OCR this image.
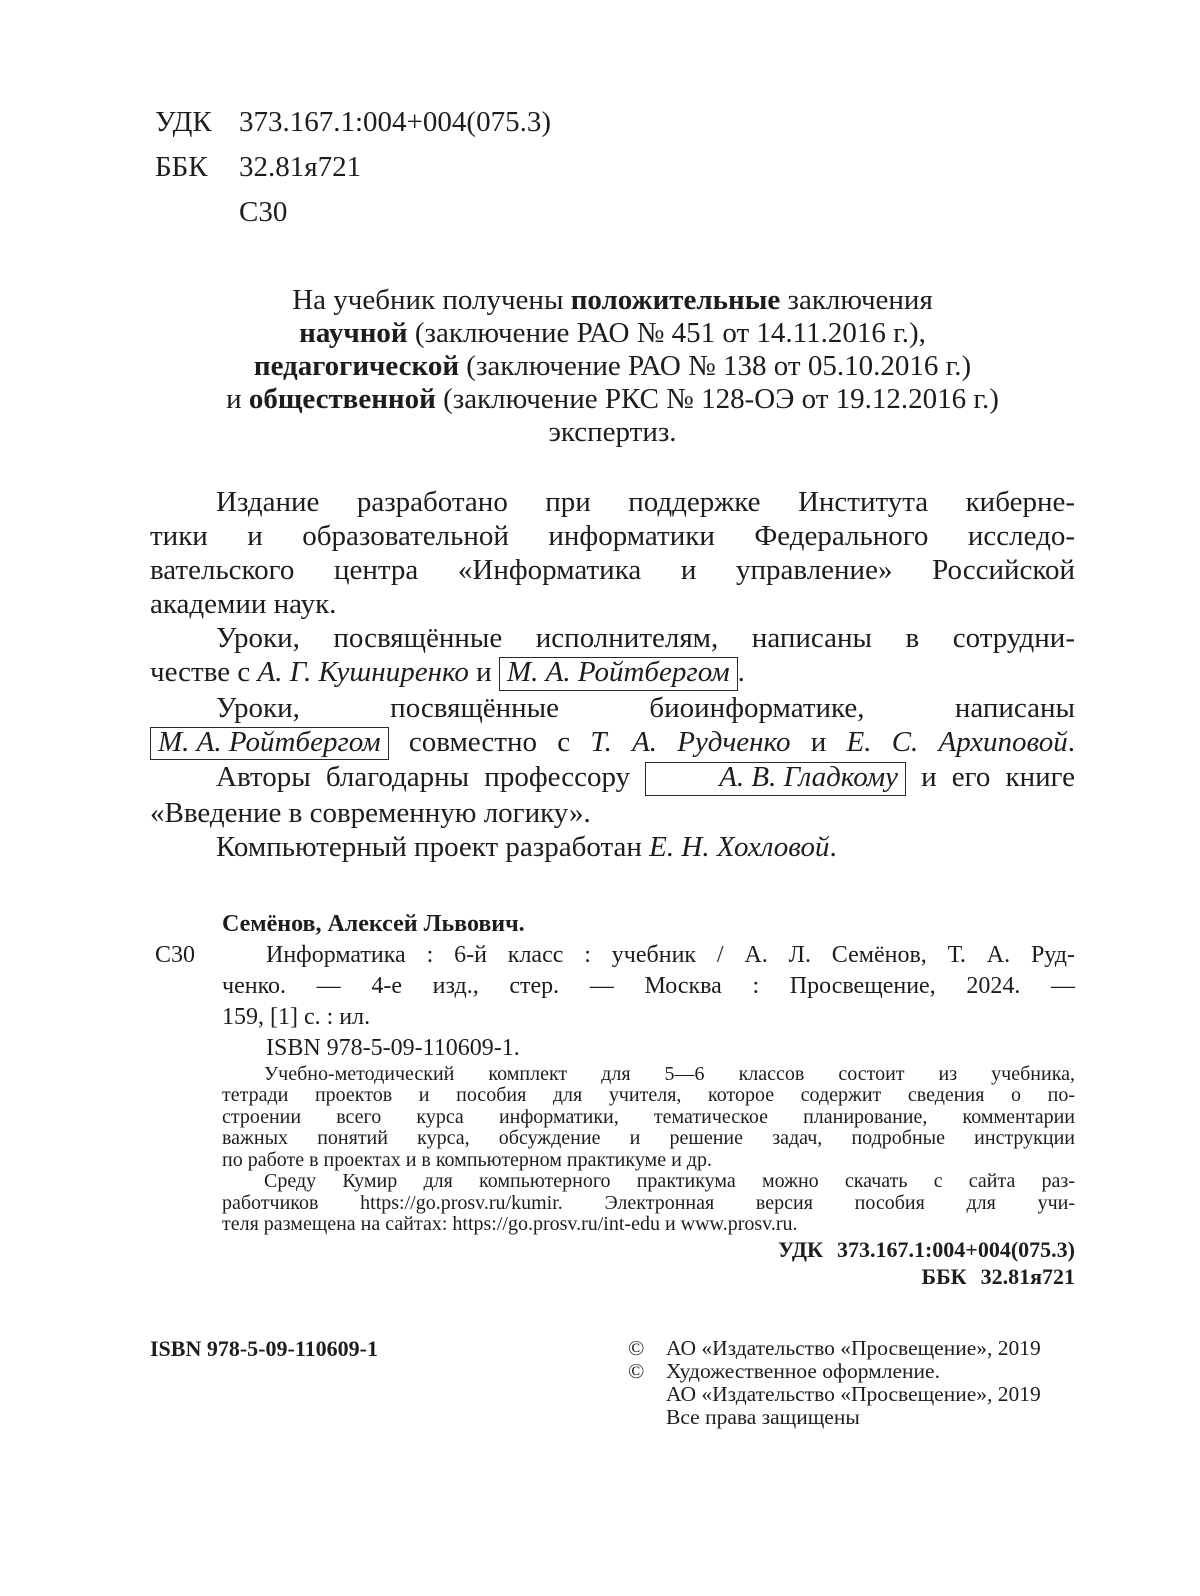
УДК 373.167.1:004+004(075.3)
ББК	32.81я721
С30
На учебник получены положительные заключения
научной (заключение РАО № 451 от 14.11.2016 г.),
педагогической (заключение РАО № 138 от 05.10.2016 г.)
и общественной (заключение РКС № 128-ОЭ от 19.12.2016 г.)
экспертиз.
Издание разработано при поддержке Института киберне-
тики и образовательной информатики Федерального исследо-
вательского центра «Информатика и управление» Российской
академии наук.
Уроки, посвящённые исполнителям, написаны в сотрудни-
честве с А. Г. Кушниренко и М. А. Ройтбергом .
Уроки, посвящённые биоинформатике, написаны
М. А. Ройтбергом совместно с Т. А. Рудченко и Е. С. Архиповой.
Авторы благодарны профессору	А. В. Гладкому и его книге
«Введение в современную логику».
Компьютерный проект разработан Е. Н. Хохловой.
С30
Семёнов, Алексей Львович.
Информатика : 6-й класс : учебник / А. Л. Семёнов, Т. А. Руд-
ченко. — 4-е изд., стер. — Москва : Просвещение, 2024. —
159, [1] с. : ил.
ISBN 978-5-09-110609-1.
Учебно-методический комплект для 5—6 классов состоит из учебника,
тетради проектов и пособия для учителя, которое содержит сведения о по-
строении всего курса информатики, тематическое планирование, комментарии
важных понятий курса, обсуждение и решение задач, подробные инструкции
по работе в проектах и в компьютерном практикуме и др.
Среду Кумир для компьютерного практикума можно скачать с сайта раз-
работчиков https://go.prosv.ru/kumir. Электронная версия пособия для учи-
теля размещена на сайтах: https://go.prosv.ru/int-edu и www.prosv.ru.
УДК 373.167.1:004+004(075.3)
ББК 32.81я721
ISBN 978-5-09-110609-1	© АО «Издательство «Просвещение», 2019
© Художественное оформление.
АО «Издательство «Просвещение», 2019
Все права защищены
